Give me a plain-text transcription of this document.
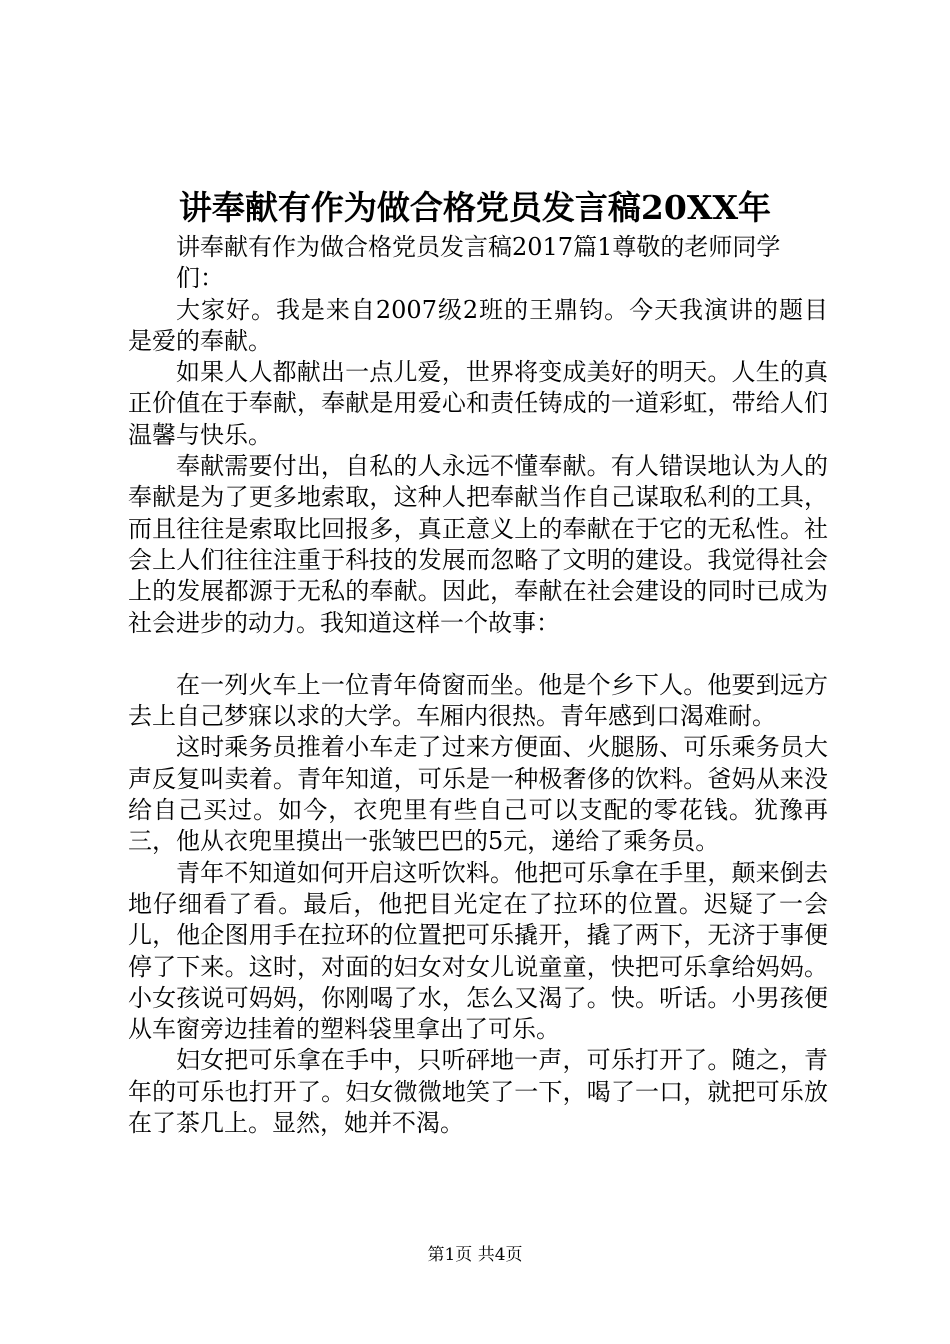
讲奉献有作为做合格党员发言稿20XX年

讲奉献有作为做合格党员发言稿2017篇1尊敬的老师同学们：

大家好。我是来自2007级2班的王鼎钧。今天我演讲的题目是爱的奉献。

如果人人都献出一点儿爱，世界将变成美好的明天。人生的真正价值在于奉献，奉献是用爱心和责任铸成的一道彩虹，带给人们温馨与快乐。

奉献需要付出，自私的人永远不懂奉献。有人错误地认为人的奉献是为了更多地索取，这种人把奉献当作自己谋取私利的工具，而且往往是索取比回报多，真正意义上的奉献在于它的无私性。社会上人们往往注重于科技的发展而忽略了文明的建设。我觉得社会上的发展都源于无私的奉献。因此，奉献在社会建设的同时已成为社会进步的动力。我知道这样一个故事：

在一列火车上一位青年倚窗而坐。他是个乡下人。他要到远方去上自己梦寐以求的大学。车厢内很热。青年感到口渴难耐。

这时乘务员推着小车走了过来方便面、火腿肠、可乐乘务员大声反复叫卖着。青年知道，可乐是一种极奢侈的饮料。爸妈从来没给自己买过。如今，衣兜里有些自己可以支配的零花钱。犹豫再三，他从衣兜里摸出一张皱巴巴的5元，递给了乘务员。

青年不知道如何开启这听饮料。他把可乐拿在手里，颠来倒去地仔细看了看。最后，他把目光定在了拉环的位置。迟疑了一会儿，他企图用手在拉环的位置把可乐撬开，撬了两下，无济于事便停了下来。这时，对面的妇女对女儿说童童，快把可乐拿给妈妈。小女孩说可妈妈，你刚喝了水，怎么又渴了。快。听话。小男孩便从车窗旁边挂着的塑料袋里拿出了可乐。

妇女把可乐拿在手中，只听砰地一声，可乐打开了。随之，青年的可乐也打开了。妇女微微地笑了一下，喝了一口，就把可乐放在了茶几上。显然，她并不渴。

第1页 共4页
